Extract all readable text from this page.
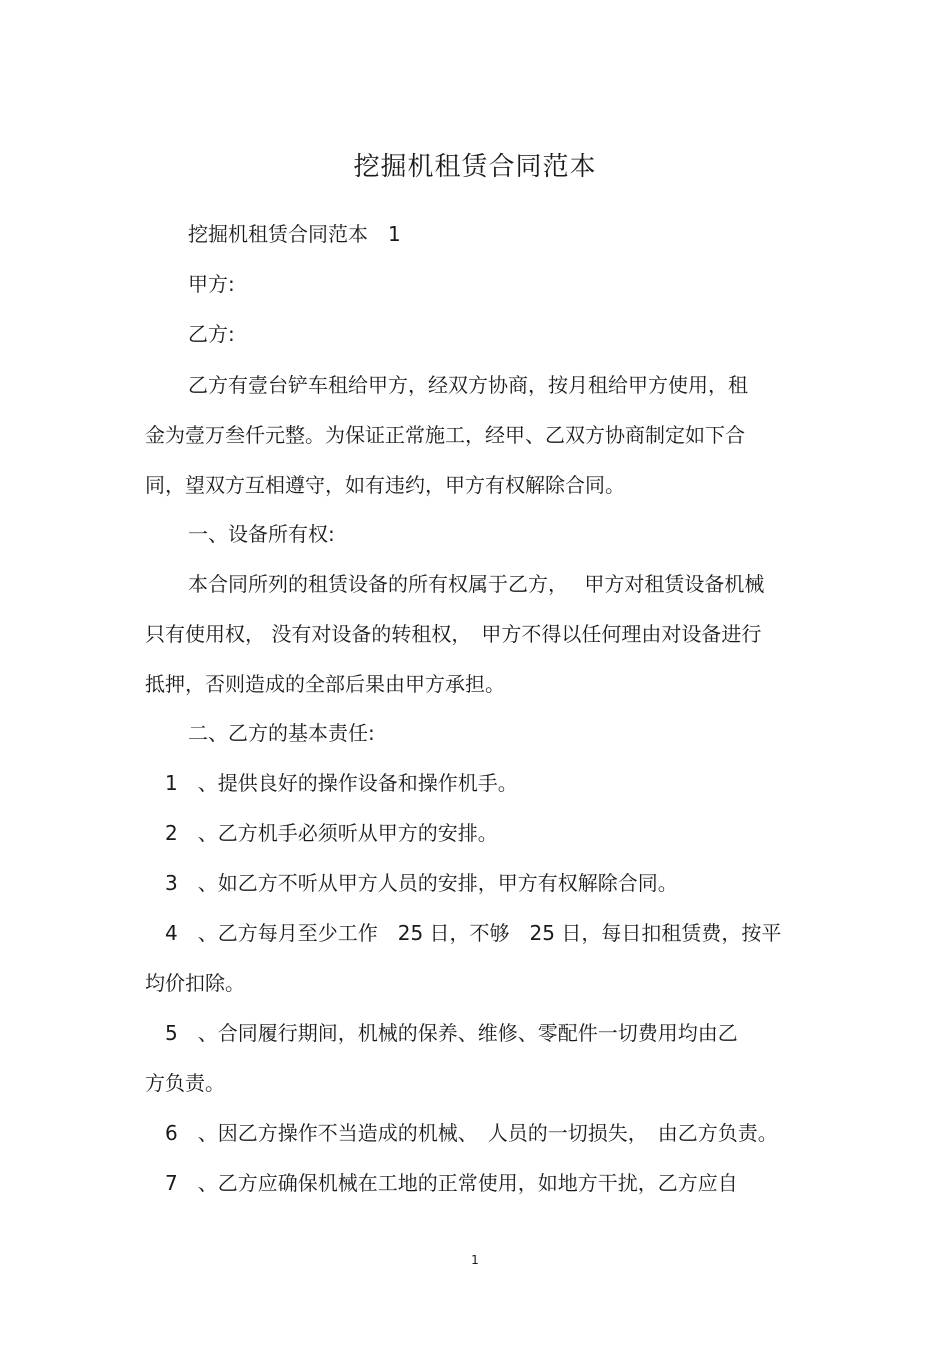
挖掘机租赁合同范本
挖掘机租赁合同范本　1
甲方:
乙方:
乙方有壹台铲车租给甲方，经双方协商，按月租给甲方使用，租
金为壹万叁仟元整。为保证正常施工，经甲、乙双方协商制定如下合
同，望双方互相遵守，如有违约，甲方有权解除合同。
一、设备所有权:
本合同所列的租赁设备的所有权属于乙方，　 甲方对租赁设备机械
只有使用权， 没有对设备的转租权，　甲方不得以任何理由对设备进行
抵押，否则造成的全部后果由甲方承担。
二、乙方的基本责任:
1　、提供良好的操作设备和操作机手。
2　、乙方机手必须听从甲方的安排。
3　、如乙方不听从甲方人员的安排，甲方有权解除合同。
4　、乙方每月至少工作　25 日，不够　25 日，每日扣租赁费，按平
均价扣除。
5　、合同履行期间，机械的保养、维修、零配件一切费用均由乙
方负责。
6　、因乙方操作不当造成的机械、　人员的一切损失，　由乙方负责。
7　、乙方应确保机械在工地的正常使用，如地方干扰，乙方应自
1
